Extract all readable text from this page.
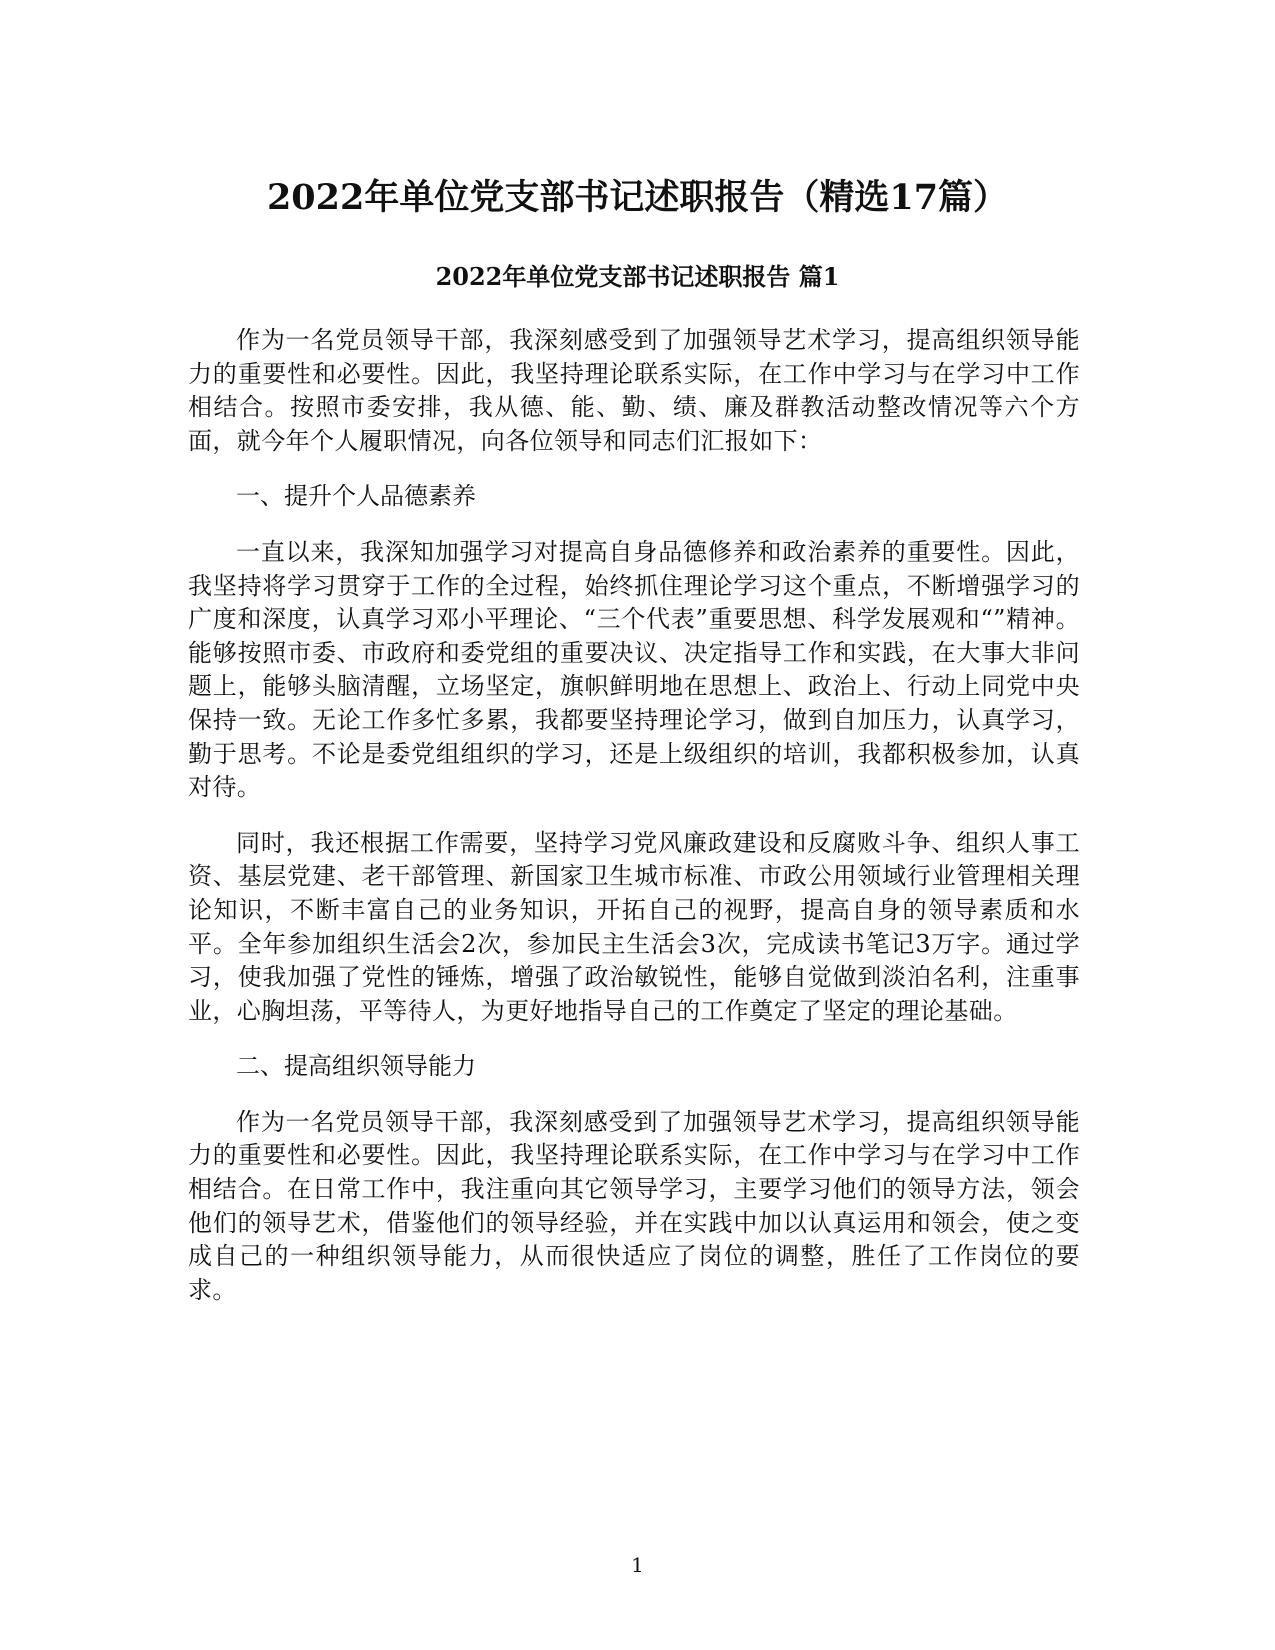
2022年单位党支部书记述职报告（精选17篇）
2022年单位党支部书记述职报告 篇1

作为一名党员领导干部，我深刻感受到了加强领导艺术学习，提高组织领导能力的重要性和必要性。因此，我坚持理论联系实际，在工作中学习与在学习中工作相结合。按照市委安排，我从德、能、勤、绩、廉及群教活动整改情况等六个方面，就今年个人履职情况，向各位领导和同志们汇报如下：

一、提升个人品德素养

一直以来，我深知加强学习对提高自身品德修养和政治素养的重要性。因此，我坚持将学习贯穿于工作的全过程，始终抓住理论学习这个重点，不断增强学习的广度和深度，认真学习邓小平理论、“三个代表”重要思想、科学发展观和“”精神。能够按照市委、市政府和委党组的重要决议、决定指导工作和实践，在大事大非问题上，能够头脑清醒，立场坚定，旗帜鲜明地在思想上、政治上、行动上同党中央保持一致。无论工作多忙多累，我都要坚持理论学习，做到自加压力，认真学习，勤于思考。不论是委党组组织的学习，还是上级组织的培训，我都积极参加，认真对待。

同时，我还根据工作需要，坚持学习党风廉政建设和反腐败斗争、组织人事工资、基层党建、老干部管理、新国家卫生城市标准、市政公用领域行业管理相关理论知识，不断丰富自己的业务知识，开拓自己的视野，提高自身的领导素质和水平。全年参加组织生活会2次，参加民主生活会3次，完成读书笔记3万字。通过学习，使我加强了党性的锤炼，增强了政治敏锐性，能够自觉做到淡泊名利，注重事业，心胸坦荡，平等待人，为更好地指导自己的工作奠定了坚定的理论基础。

二、提高组织领导能力

作为一名党员领导干部，我深刻感受到了加强领导艺术学习，提高组织领导能力的重要性和必要性。因此，我坚持理论联系实际，在工作中学习与在学习中工作相结合。在日常工作中，我注重向其它领导学习，主要学习他们的领导方法，领会他们的领导艺术，借鉴他们的领导经验，并在实践中加以认真运用和领会，使之变成自己的一种组织领导能力，从而很快适应了岗位的调整，胜任了工作岗位的要求。

1
